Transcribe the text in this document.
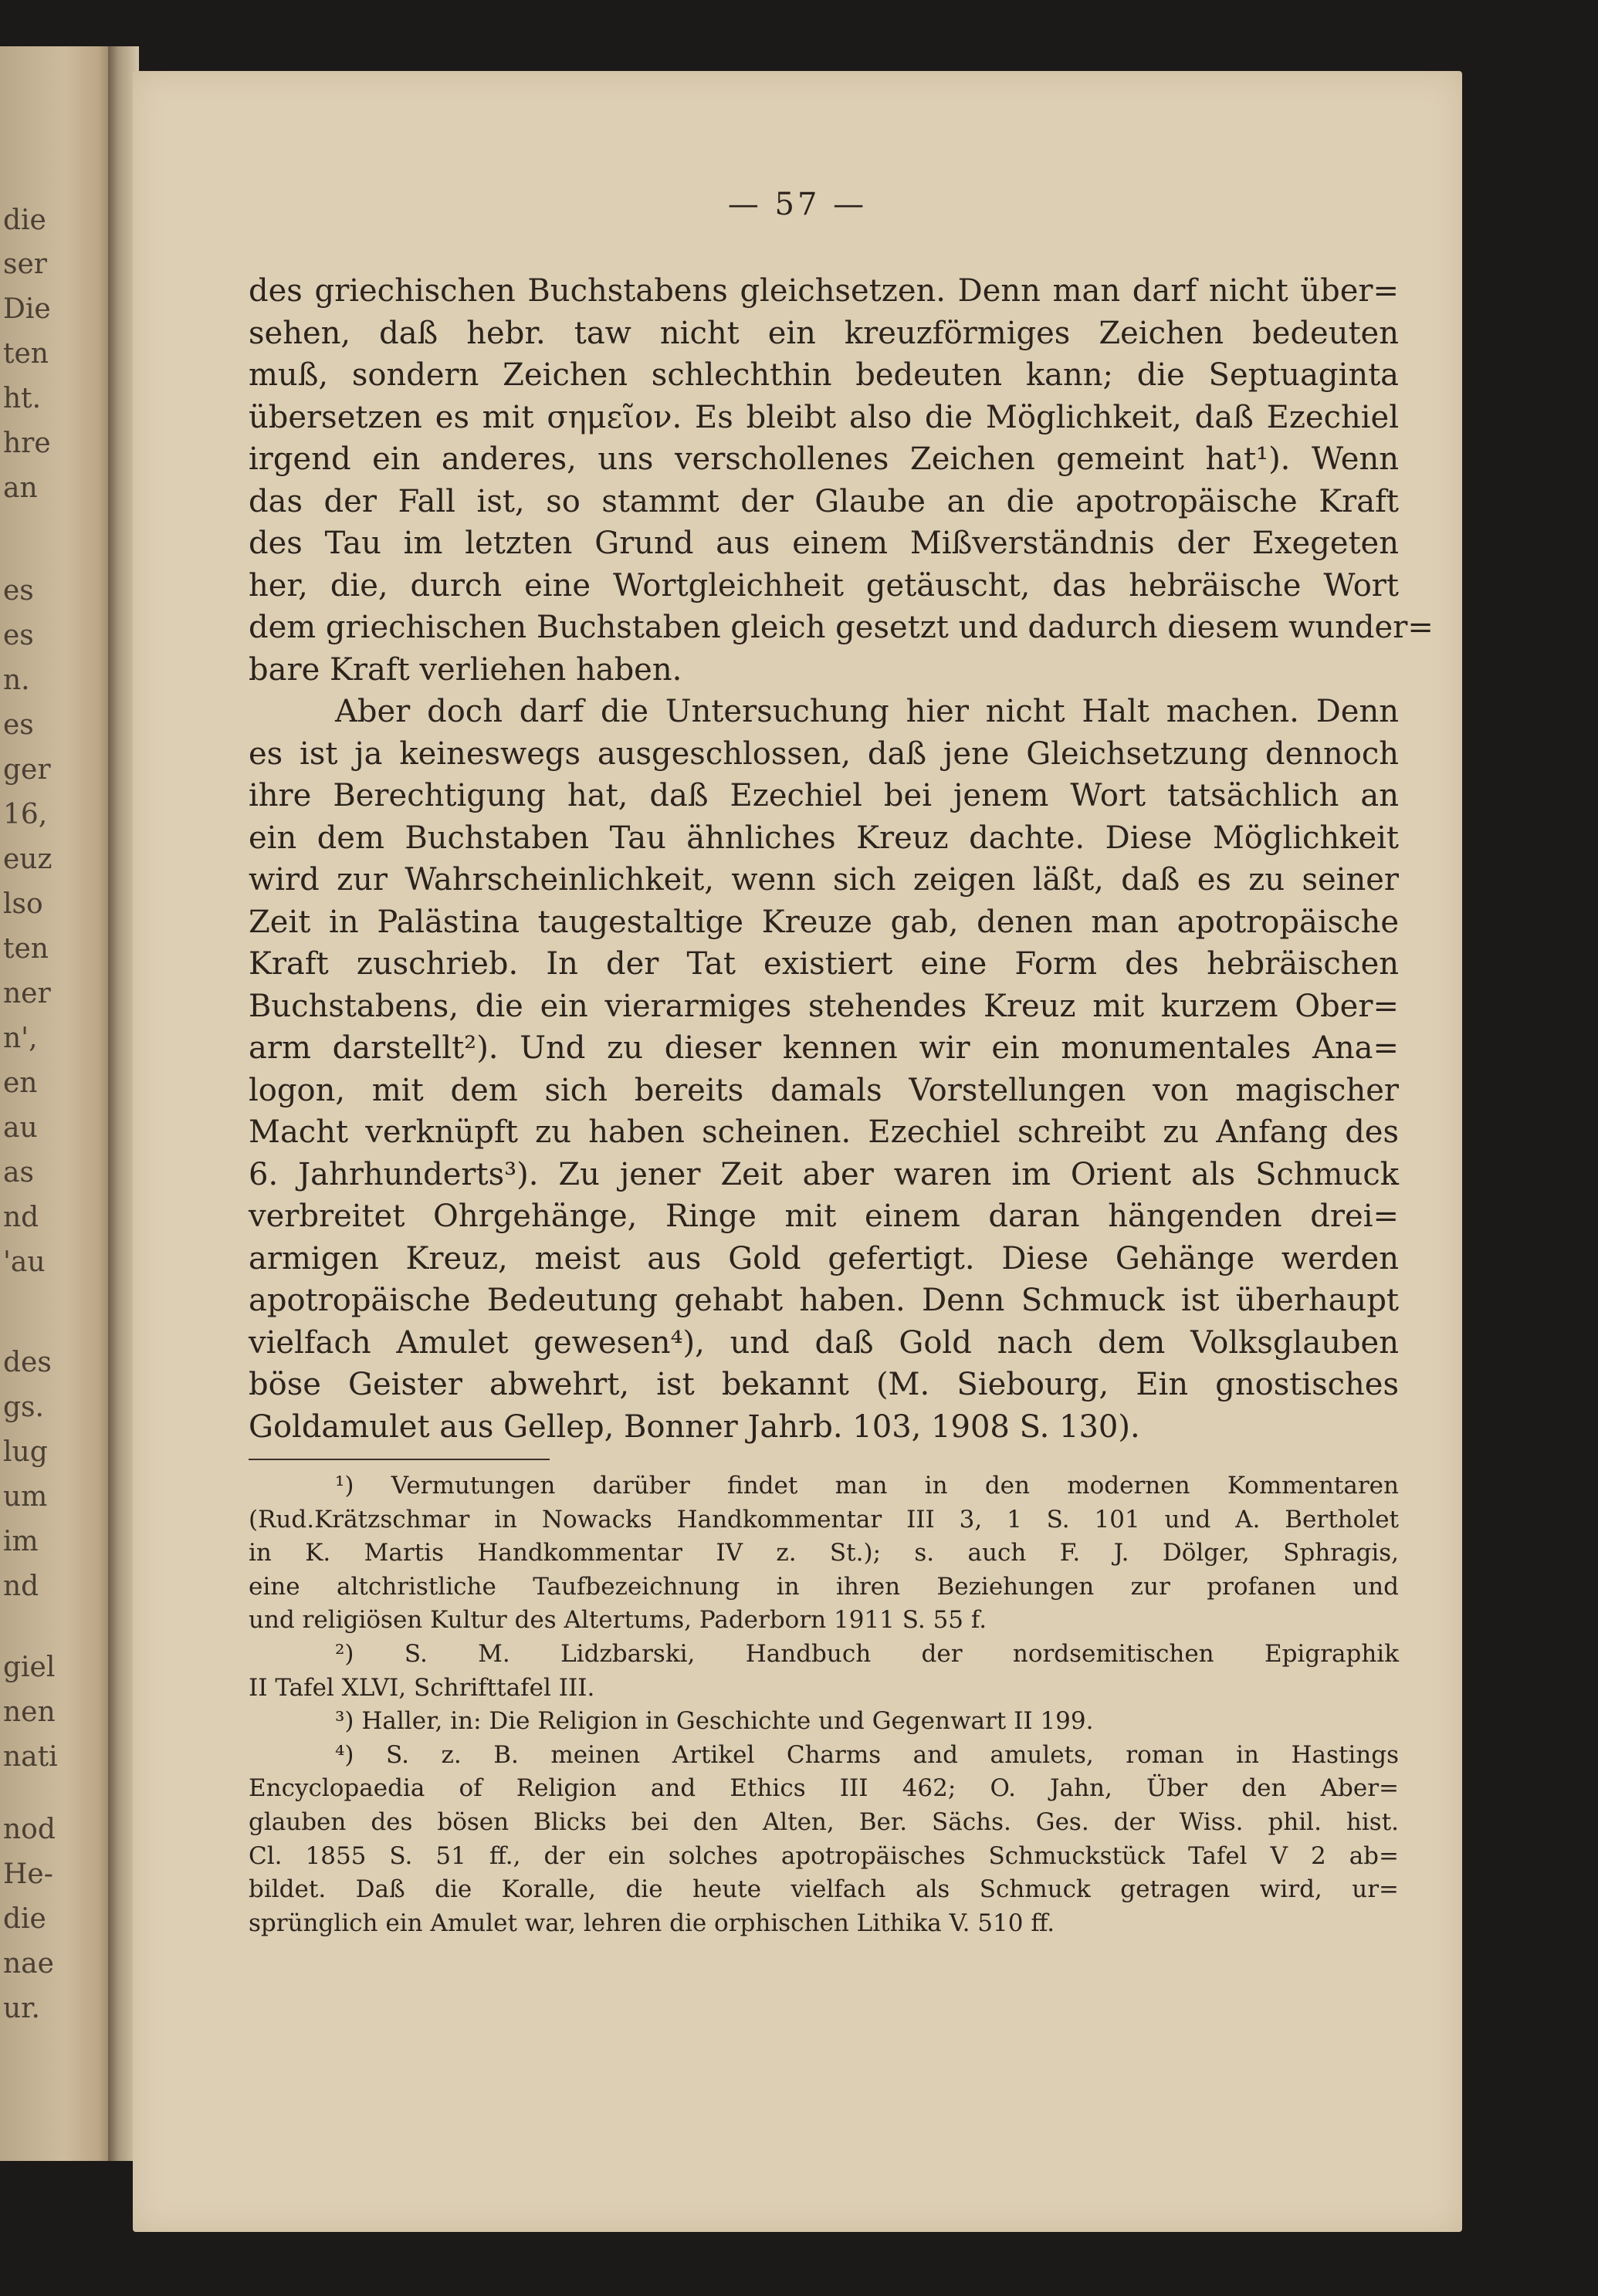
die
ser
Die
ten
ht.
hre
an
es
es
n.
es
ger
16,
euz
lso
ten
ner
n',
en
au
as
nd
'au
des
gs.
lug
um
im
nd
giel
nen
nati
nod
He-
die
nae
ur.
— 57 —
des griechischen Buchstabens gleichsetzen. Denn man darf nicht über=
sehen, daß hebr. taw nicht ein kreuzförmiges Zeichen bedeuten
muß, sondern Zeichen schlechthin bedeuten kann; die Septuaginta
übersetzen es mit σημεῖον. Es bleibt also die Möglichkeit, daß Ezechiel
irgend ein anderes, uns verschollenes Zeichen gemeint hat¹). Wenn
das der Fall ist, so stammt der Glaube an die apotropäische Kraft
des Tau im letzten Grund aus einem Mißverständnis der Exegeten
her, die, durch eine Wortgleichheit getäuscht, das hebräische Wort
dem griechischen Buchstaben gleich gesetzt und dadurch diesem wunder=
bare Kraft verliehen haben.
Aber doch darf die Untersuchung hier nicht Halt machen. Denn
es ist ja keineswegs ausgeschlossen, daß jene Gleichsetzung dennoch
ihre Berechtigung hat, daß Ezechiel bei jenem Wort tatsächlich an
ein dem Buchstaben Tau ähnliches Kreuz dachte. Diese Möglichkeit
wird zur Wahrscheinlichkeit, wenn sich zeigen läßt, daß es zu seiner
Zeit in Palästina taugestaltige Kreuze gab, denen man apotropäische
Kraft zuschrieb. In der Tat existiert eine Form des hebräischen
Buchstabens, die ein vierarmiges stehendes Kreuz mit kurzem Ober=
arm darstellt²). Und zu dieser kennen wir ein monumentales Ana=
logon, mit dem sich bereits damals Vorstellungen von magischer
Macht verknüpft zu haben scheinen. Ezechiel schreibt zu Anfang des
6. Jahrhunderts³). Zu jener Zeit aber waren im Orient als Schmuck
verbreitet Ohrgehänge, Ringe mit einem daran hängenden drei=
armigen Kreuz, meist aus Gold gefertigt. Diese Gehänge werden
apotropäische Bedeutung gehabt haben. Denn Schmuck ist überhaupt
vielfach Amulet gewesen⁴), und daß Gold nach dem Volksglauben
böse Geister abwehrt, ist bekannt (M. Siebourg, Ein gnostisches
Goldamulet aus Gellep, Bonner Jahrb. 103, 1908 S. 130).
¹) Vermutungen darüber findet man in den modernen Kommentaren
(Rud.Krätzschmar in Nowacks Handkommentar III 3, 1 S. 101 und A. Bertholet
in K. Martis Handkommentar IV z. St.); s. auch F. J. Dölger, Sphragis,
eine altchristliche Taufbezeichnung in ihren Beziehungen zur profanen und
und religiösen Kultur des Altertums, Paderborn 1911 S. 55 f.
²) S. M. Lidzbarski, Handbuch der nordsemitischen Epigraphik
II Tafel XLVI, Schrifttafel III.
³) Haller, in: Die Religion in Geschichte und Gegenwart II 199.
⁴) S. z. B. meinen Artikel Charms and amulets, roman in Hastings
Encyclopaedia of Religion and Ethics III 462; O. Jahn, Über den Aber=
glauben des bösen Blicks bei den Alten, Ber. Sächs. Ges. der Wiss. phil. hist.
Cl. 1855 S. 51 ff., der ein solches apotropäisches Schmuckstück Tafel V 2 ab=
bildet. Daß die Koralle, die heute vielfach als Schmuck getragen wird, ur=
sprünglich ein Amulet war, lehren die orphischen Lithika V. 510 ff.
